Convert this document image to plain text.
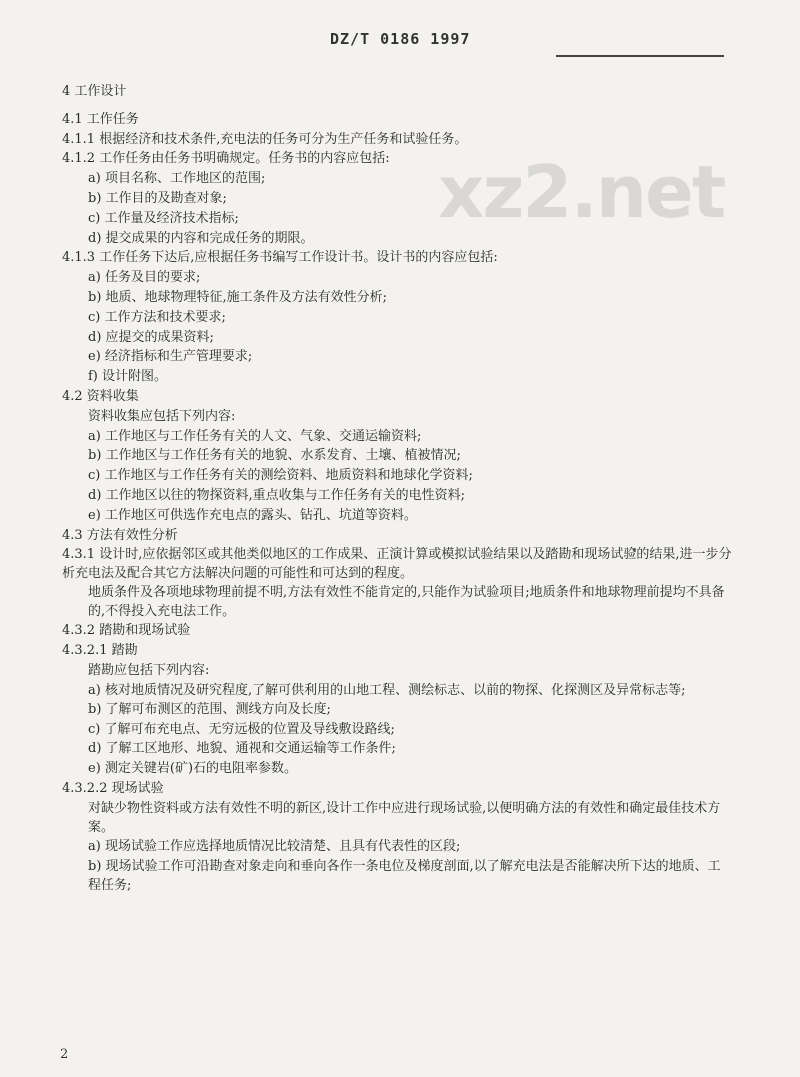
DZ/T 0186 1997
xz2.net
4 工作设计
4.1 工作任务
4.1.1 根据经济和技术条件,充电法的任务可分为生产任务和试验任务。
4.1.2 工作任务由任务书明确规定。任务书的内容应包括:
a) 项目名称、工作地区的范围;
b) 工作目的及勘查对象;
c) 工作量及经济技术指标;
d) 提交成果的内容和完成任务的期限。
4.1.3 工作任务下达后,应根据任务书编写工作设计书。设计书的内容应包括:
a) 任务及目的要求;
b) 地质、地球物理特征,施工条件及方法有效性分析;
c) 工作方法和技术要求;
d) 应提交的成果资料;
e) 经济指标和生产管理要求;
f) 设计附图。
4.2 资料收集
资料收集应包括下列内容:
a) 工作地区与工作任务有关的人文、气象、交通运输资料;
b) 工作地区与工作任务有关的地貌、水系发育、土壤、植被情况;
c) 工作地区与工作任务有关的测绘资料、地质资料和地球化学资料;
d) 工作地区以往的物探资料,重点收集与工作任务有关的电性资料;
e) 工作地区可供选作充电点的露头、钻孔、坑道等资料。
4.3 方法有效性分析
4.3.1 设计时,应依据邻区或其他类似地区的工作成果、正演计算或模拟试验结果以及踏勘和现场试验的结果,进一步分析充电法及配合其它方法解决问题的可能性和可达到的程度。
地质条件及各项地球物理前提不明,方法有效性不能肯定的,只能作为试验项目;地质条件和地球物理前提均不具备的,不得投入充电法工作。
4.3.2 踏勘和现场试验
4.3.2.1 踏勘
踏勘应包括下列内容:
a) 核对地质情况及研究程度,了解可供利用的山地工程、测绘标志、以前的物探、化探测区及异常标志等;
b) 了解可布测区的范围、测线方向及长度;
c) 了解可布充电点、无穷远极的位置及导线敷设路线;
d) 了解工区地形、地貌、通视和交通运输等工作条件;
e) 测定关键岩(矿)石的电阻率参数。
4.3.2.2 现场试验
对缺少物性资料或方法有效性不明的新区,设计工作中应进行现场试验,以便明确方法的有效性和确定最佳技术方案。
a) 现场试验工作应选择地质情况比较清楚、且具有代表性的区段;
b) 现场试验工作可沿勘查对象走向和垂向各作一条电位及梯度剖面,以了解充电法是否能解决所下达的地质、工程任务;
2
